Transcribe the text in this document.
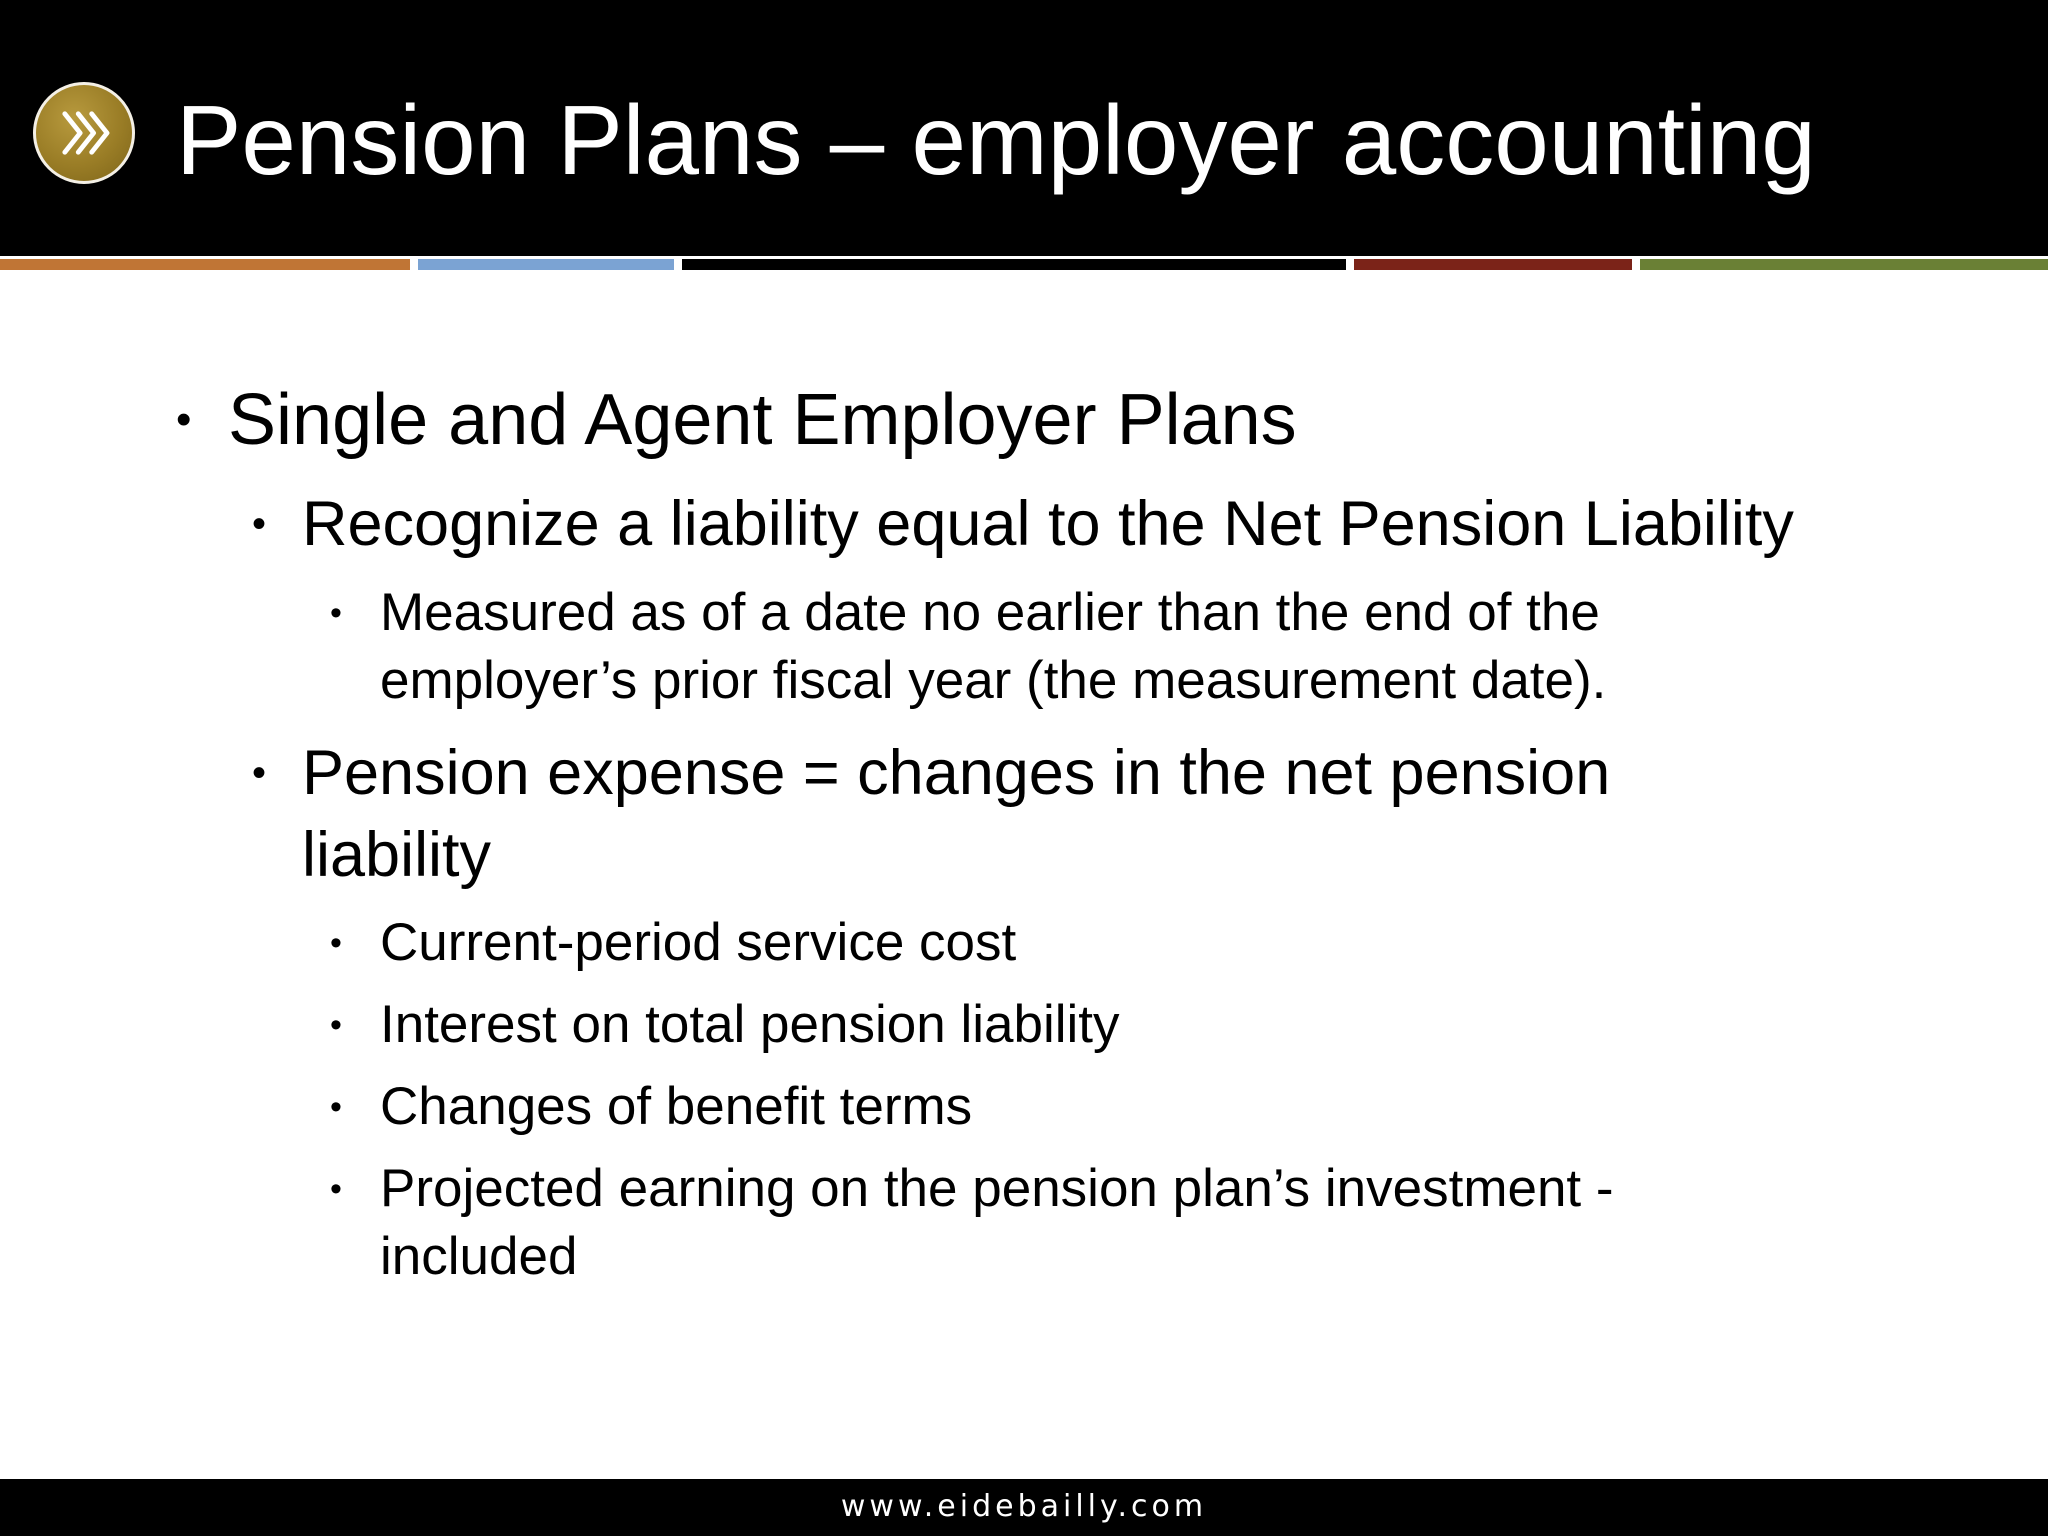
Pension Plans – employer accounting
• Single and Agent Employer Plans
• Recognize a liability equal to the Net Pension Liability
• Measured as of a date no earlier than the end of the
employer’s prior fiscal year (the measurement date).
• Pension expense = changes in the net pension
liability
• Current-period service cost
• Interest on total pension liability
• Changes of benefit terms
• Projected earning on the pension plan’s investment -
included
www.eidebailly.com
